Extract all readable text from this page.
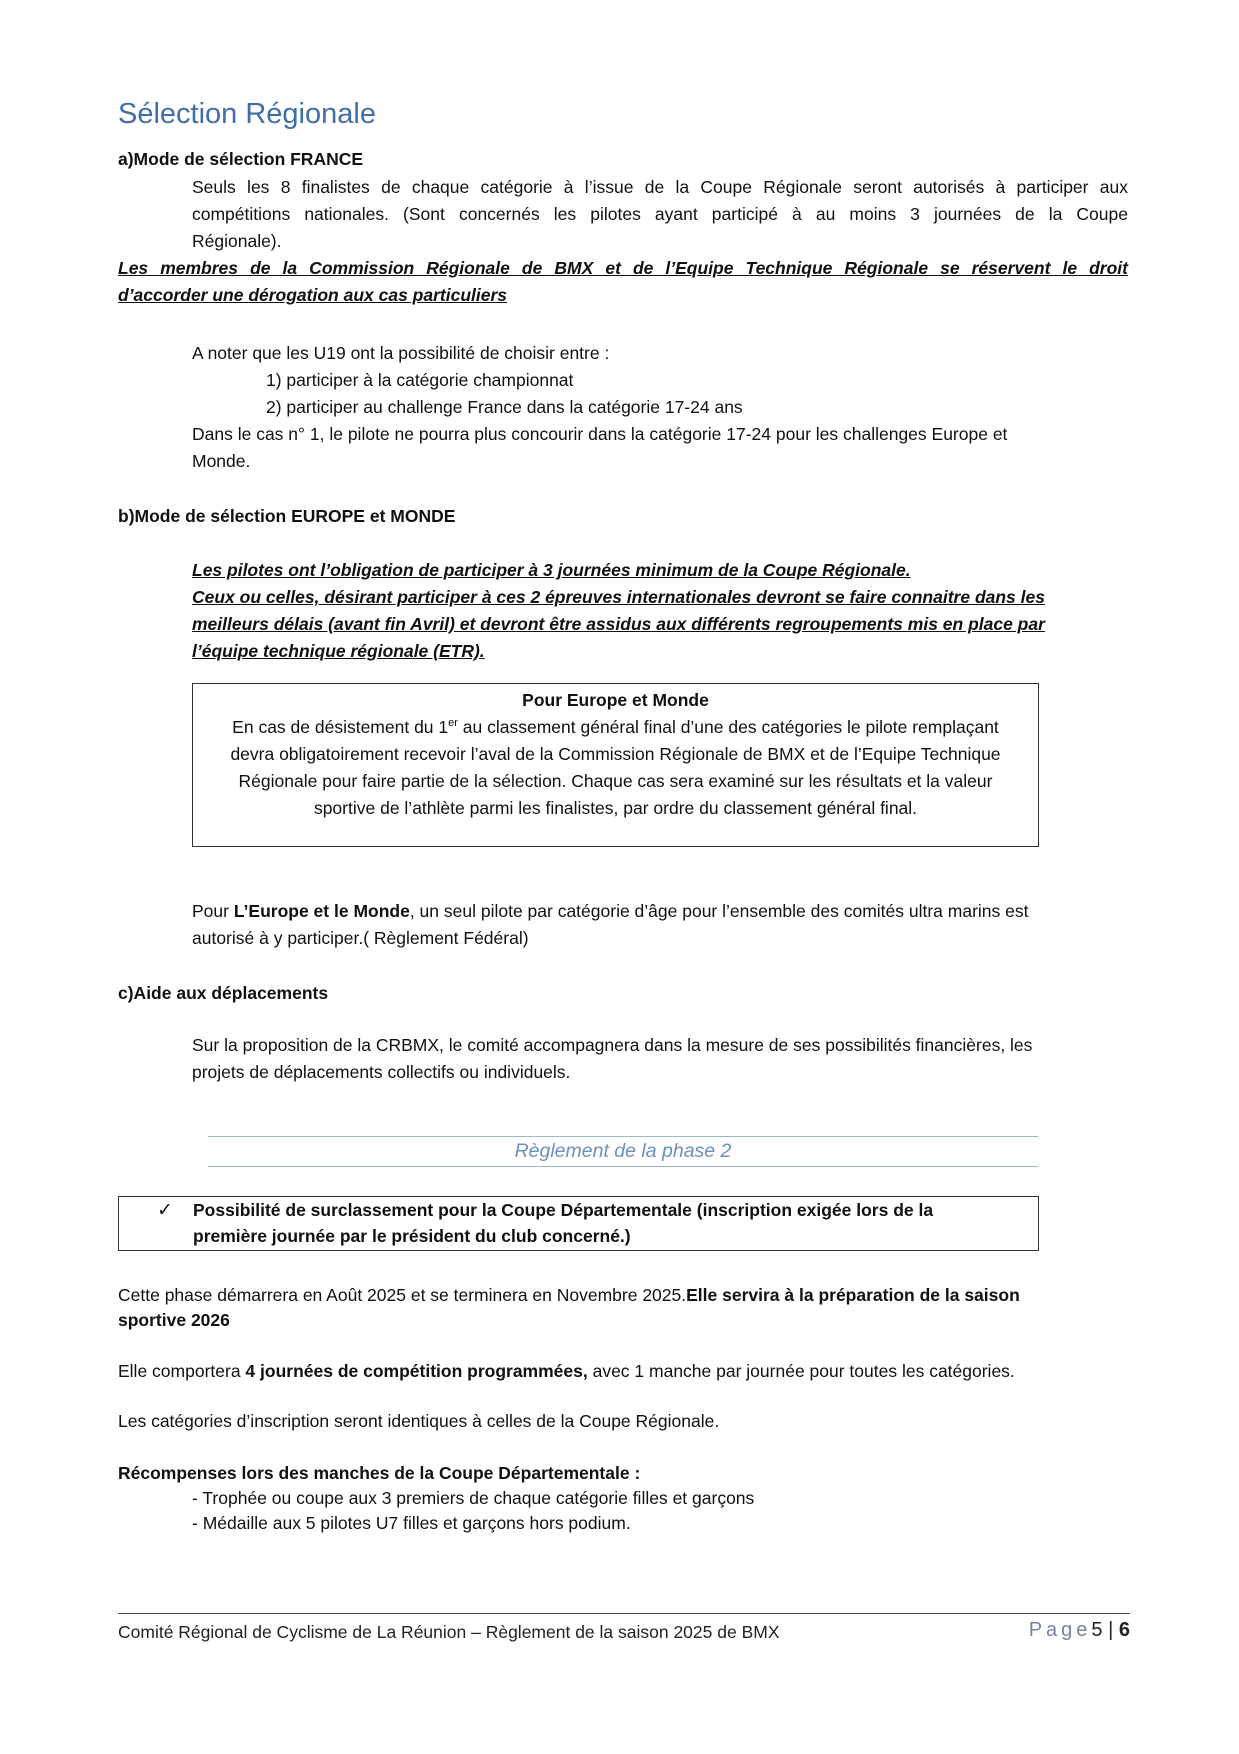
Sélection Régionale
a)Mode de sélection FRANCE
Seuls les 8 finalistes de chaque catégorie à l’issue de la Coupe Régionale seront autorisés à participer aux
compétitions nationales. (Sont concernés les pilotes ayant participé à au moins 3 journées de la Coupe
Régionale).
Les membres de la Commission Régionale de BMX et de l’Equipe Technique Régionale se réservent le droit
d’accorder une dérogation aux cas particuliers
A noter que les U19 ont la possibilité de choisir entre :
1) participer à la catégorie championnat
2) participer au challenge France dans la catégorie 17-24 ans
Dans le cas n° 1, le pilote ne pourra plus concourir dans la catégorie 17-24 pour les challenges Europe et
Monde.
b)Mode de sélection EUROPE et MONDE
Les pilotes ont l’obligation de participer à 3 journées minimum de la Coupe Régionale.
Ceux ou celles, désirant participer à ces 2 épreuves internationales devront se faire connaitre dans les
meilleurs délais (avant fin Avril) et devront être assidus aux différents regroupements mis en place par
l’équipe technique régionale (ETR).
Pour Europe et Monde
En cas de désistement du 1er au classement général final d’une des catégories le pilote remplaçant
devra obligatoirement recevoir l’aval de la Commission Régionale de BMX et de l’Equipe Technique
Régionale pour faire partie de la sélection. Chaque cas sera examiné sur les résultats et la valeur
sportive de l’athlète parmi les finalistes, par ordre du classement général final.
Pour L’Europe et le Monde, un seul pilote par catégorie d’âge pour l’ensemble des comités ultra marins est
autorisé à y participer.( Règlement Fédéral)
c)Aide aux déplacements
Sur la proposition de la CRBMX, le comité accompagnera dans la mesure de ses possibilités financières, les
projets de déplacements collectifs ou individuels.
Règlement de la phase 2
✓ Possibilité de surclassement pour la Coupe Départementale (inscription exigée lors de la
première journée par le président du club concerné.)
Cette phase démarrera en Août 2025 et se terminera en Novembre 2025.Elle servira à la préparation de la saison
sportive 2026
Elle comportera 4 journées de compétition programmées, avec 1 manche par journée pour toutes les catégories.
Les catégories d’inscription seront identiques à celles de la Coupe Régionale.
Récompenses lors des manches de la Coupe Départementale :
- Trophée ou coupe aux 3 premiers de chaque catégorie filles et garçons
- Médaille aux 5 pilotes U7 filles et garçons hors podium.
Comité Régional de Cyclisme de La Réunion – Règlement de la saison 2025 de BMX	Page5 | 6
